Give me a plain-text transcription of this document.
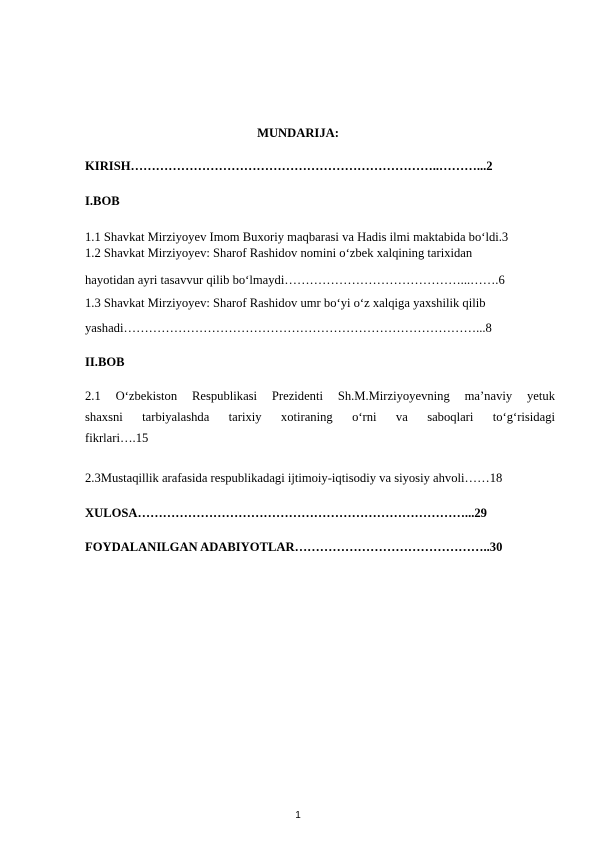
MUNDARIJA:
KIRISH………………………………………………………………..………...2
I.BOB
1.1 Shavkat Mirziyoyev Imom Buxoriy maqbarasi va Hadis ilmi maktabida bo‘ldi.3
1.2 Shavkat Mirziyoyev: Sharof Rashidov nomini o‘zbek xalqining tarixidan
hayotidan ayri tasavvur qilib bo‘lmaydi……………………………………...…….6
1.3 Shavkat Mirziyoyev: Sharof Rashidov umr bo‘yi o‘z xalqiga yaxshilik qilib
yashadi…………………………………………………………………………...8
II.BOB
2.1 O‘zbekiston Respublikasi Prezidenti Sh.M.Mirziyoyevning ma’naviy yetuk
shaxsni tarbiyalashda tarixiy xotiraning o‘rni va saboqlari to‘g‘risidagi
fikrlari….15
2.3Mustaqillik arafasida respublikadagi ijtimoiy-iqtisodiy va siyosiy ahvoli……18
XULOSA……………………………………………………………………...29
FOYDALANILGAN ADABIYOTLAR………………………………………..30
1
